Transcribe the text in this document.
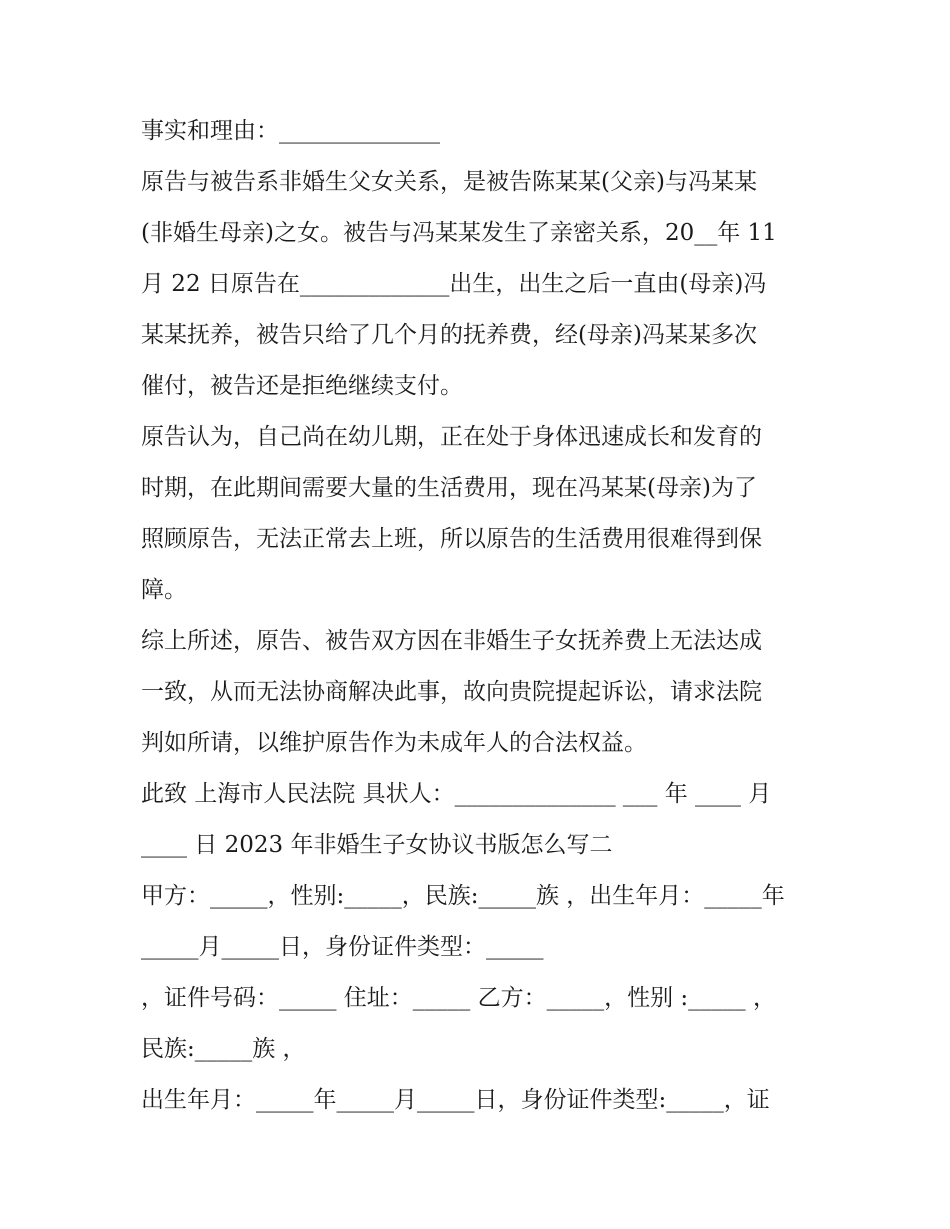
事实和理由：______________
原告与被告系非婚生父女关系，是被告陈某某(父亲)与冯某某
(非婚生母亲)之女。被告与冯某某发生了亲密关系，20__年 11
月 22 日原告在_____________出生，出生之后一直由(母亲)冯
某某抚养，被告只给了几个月的抚养费，经(母亲)冯某某多次
催付，被告还是拒绝继续支付。
原告认为，自己尚在幼儿期，正在处于身体迅速成长和发育的
时期，在此期间需要大量的生活费用，现在冯某某(母亲)为了
照顾原告，无法正常去上班，所以原告的生活费用很难得到保
障。
综上所述，原告、被告双方因在非婚生子女抚养费上无法达成
一致，从而无法协商解决此事，故向贵院提起诉讼，请求法院
判如所请，以维护原告作为未成年人的合法权益。
此致 上海市人民法院 具状人：______________ ___ 年 ____ 月
____ 日 2023 年非婚生子女协议书版怎么写二
甲方：_____，性别:_____，民族:_____族 ，出生年月：_____年
_____月_____日，身份证件类型：_____
，证件号码：_____ 住址：_____ 乙方：_____，性别 :_____ ，
民族:_____族 ，
出生年月：_____年_____月_____日，身份证件类型:_____，证
